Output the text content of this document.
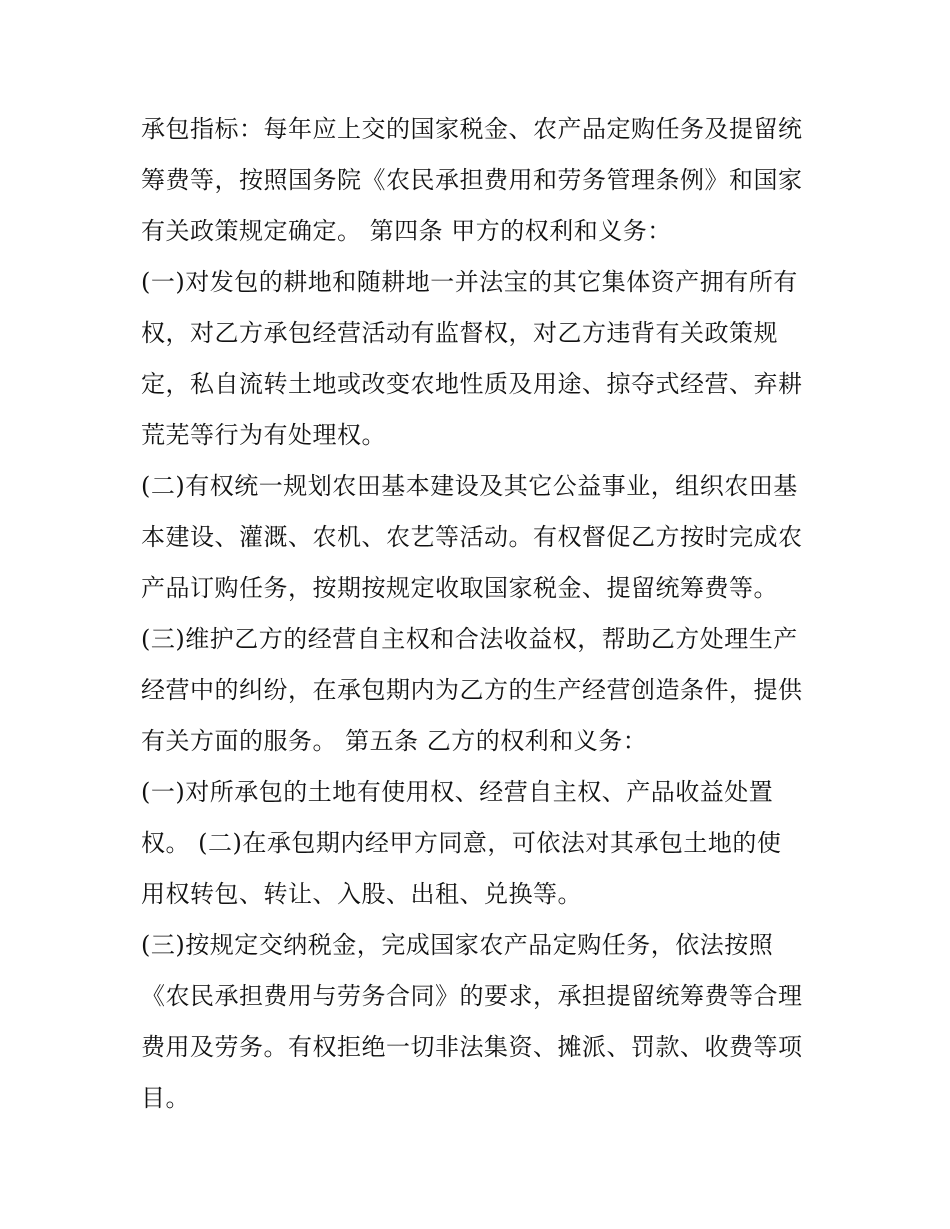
承包指标：每年应上交的国家税金、农产品定购任务及提留统
筹费等，按照国务院《农民承担费用和劳务管理条例》和国家
有关政策规定确定。 第四条 甲方的权利和义务：
(一)对发包的耕地和随耕地一并法宝的其它集体资产拥有所有
权，对乙方承包经营活动有监督权，对乙方违背有关政策规
定，私自流转土地或改变农地性质及用途、掠夺式经营、弃耕
荒芜等行为有处理权。
(二)有权统一规划农田基本建设及其它公益事业，组织农田基
本建设、灌溉、农机、农艺等活动。有权督促乙方按时完成农
产品订购任务，按期按规定收取国家税金、提留统筹费等。
(三)维护乙方的经营自主权和合法收益权，帮助乙方处理生产
经营中的纠纷，在承包期内为乙方的生产经营创造条件，提供
有关方面的服务。 第五条 乙方的权利和义务：
(一)对所承包的土地有使用权、经营自主权、产品收益处置
权。 (二)在承包期内经甲方同意，可依法对其承包土地的使
用权转包、转让、入股、出租、兑换等。
(三)按规定交纳税金，完成国家农产品定购任务，依法按照
《农民承担费用与劳务合同》的要求，承担提留统筹费等合理
费用及劳务。有权拒绝一切非法集资、摊派、罚款、收费等项
目。
